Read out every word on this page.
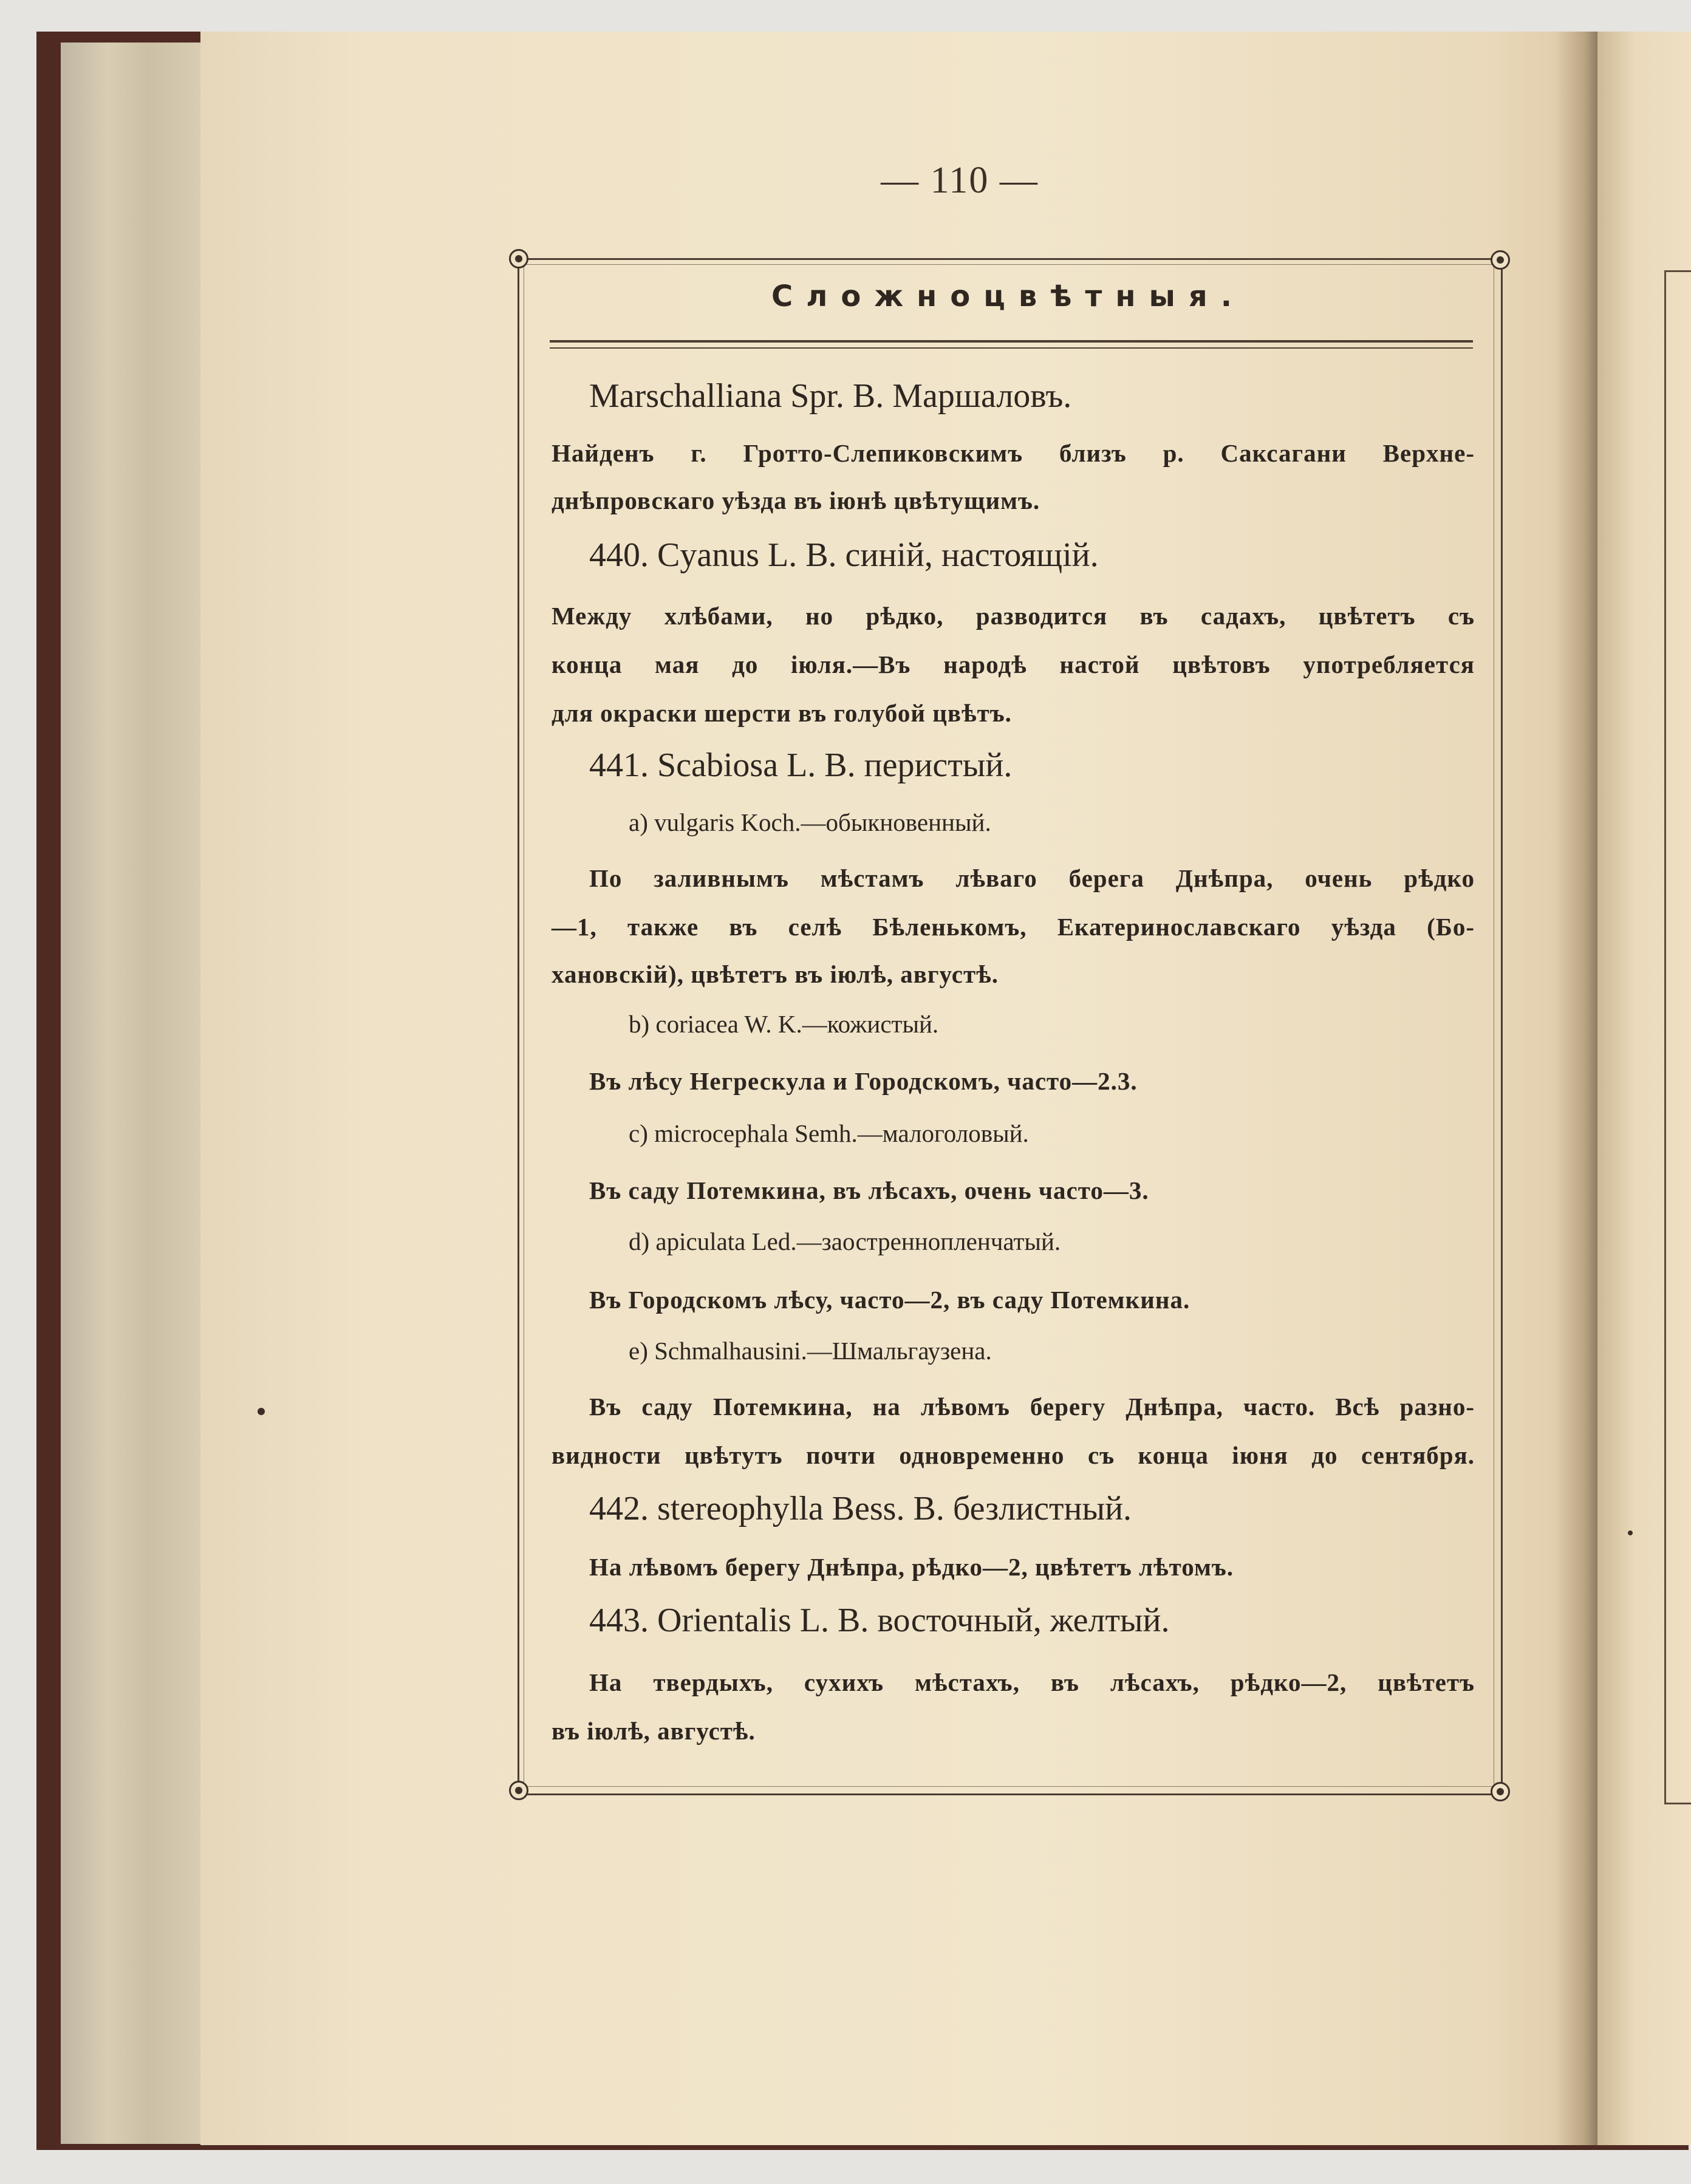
— 110 —
Сложноцвѣтныя.
Marschalliana Spr. В. Маршаловъ.
Найденъ г. Гротто-Слепиковскимъ близъ р. Саксагани Верхне-
днѣпровскаго уѣзда въ іюнѣ цвѣтущимъ.
440. Cyanus L. В. синій, настоящій.
Между хлѣбами, но рѣдко, разводится въ садахъ, цвѣтетъ съ
конца мая до іюля.—Въ народѣ настой цвѣтовъ употребляется
для окраски шерсти въ голубой цвѣтъ.
441. Scabiosa L. В. перистый.
a) vulgaris Koch.—обыкновенный.
По заливнымъ мѣстамъ лѣваго берега Днѣпра, очень рѣдко
—1, также въ селѣ Бѣленькомъ, Екатеринославскаго уѣзда (Бо-
хановскій), цвѣтетъ въ іюлѣ, августѣ.
b) coriacea W. K.—кожистый.
Въ лѣсу Негрескула и Городскомъ, часто—2.3.
c) microcephala Semh.—малоголовый.
Въ саду Потемкина, въ лѣсахъ, очень часто—3.
d) apiculata Led.—заостреннопленчатый.
Въ Городскомъ лѣсу, часто—2, въ саду Потемкина.
e) Schmalhausini.—Шмальгаузена.
Въ саду Потемкина, на лѣвомъ берегу Днѣпра, часто. Всѣ разно-
видности цвѣтутъ почти одновременно съ конца іюня до сентября.
442. stereophylla Bess. В. безлистный.
На лѣвомъ берегу Днѣпра, рѣдко—2, цвѣтетъ лѣтомъ.
443. Orientalis L. В. восточный, желтый.
На твердыхъ, сухихъ мѣстахъ, въ лѣсахъ, рѣдко—2, цвѣтетъ
въ іюлѣ, августѣ.
